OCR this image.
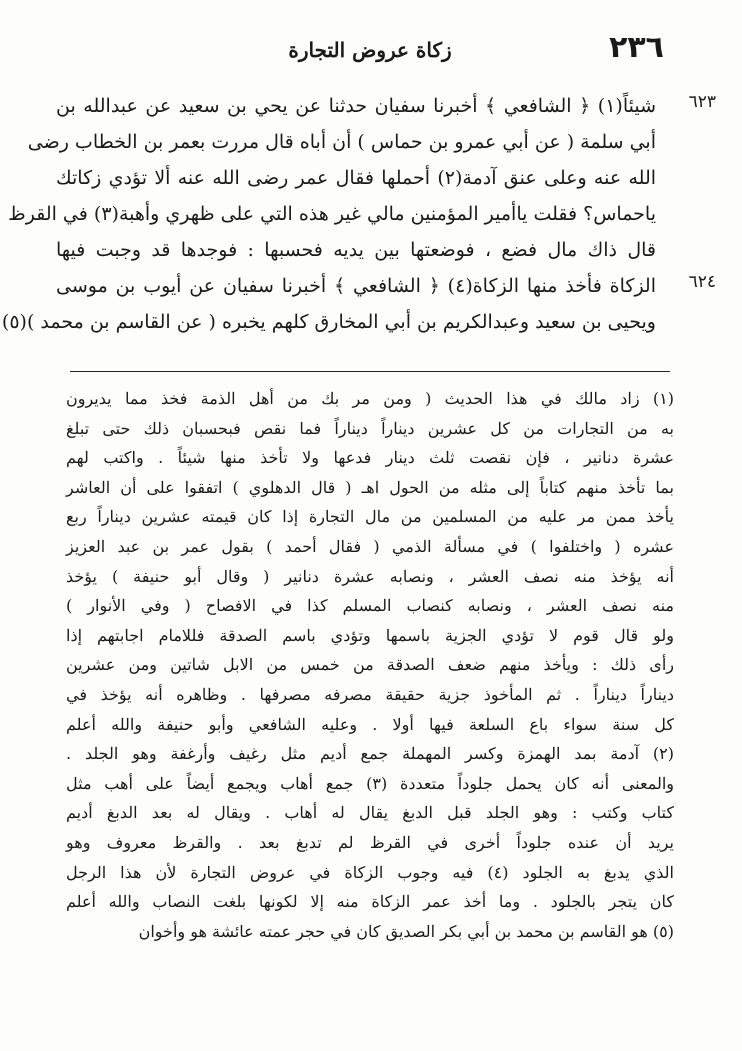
٢٣٦
زكاة عروض التجارة
٦٢٣
٦٢٤
شيئاً(١) ﴿ الشافعي ﴾ أخبرنا سفيان حدثنا عن يحي بن سعيد عن عبدالله بن
أبي سلمة ( عن أبي عمرو بن حماس ) أن أباه قال مررت بعمر بن الخطاب رضى
الله عنه وعلى عنق آدمة(٢) أحملها فقال عمر رضى الله عنه ألا تؤدي زكاتك
ياحماس؟ فقلت ياأمير المؤمنين مالي غير هذه التي على ظهري وأهبة(٣) في القرظ
قال ذاك مال فضع ، فوضعتها بين يديه فحسبها : فوجدها قد وجبت فيها
الزكاة فأخذ منها الزكاة(٤) ﴿ الشافعي ﴾ أخبرنا سفيان عن أيوب بن موسى
ويحيى بن سعيد وعبدالكريم بن أبي المخارق كلهم يخبره ( عن القاسم بن محمد )(٥)
(١) زاد مالك في هذا الحديث ( ومن مر بك من أهل الذمة فخذ مما يديرون
به من التجارات من كل عشرين ديناراً ديناراً فما نقص فبحسبان ذلك حتى تبلغ
عشرة دنانير ، فإن نقصت ثلث دينار فدعها ولا تأخذ منها شيئاً . واكتب لهم
بما تأخذ منهم كتاباً إلى مثله من الحول اهـ ( قال الدهلوي ) اتفقوا على أن العاشر
يأخذ ممن مر عليه من المسلمين من مال التجارة إذا كان قيمته عشرين ديناراً ربع
عشره ( واختلفوا ) في مسألة الذمي ( فقال أحمد ) بقول عمر بن عبد العزيز
أنه يؤخذ منه نصف العشر ، ونصابه عشرة دنانير ( وقال أبو حنيفة ) يؤخذ
منه نصف العشر ، ونصابه كنصاب المسلم كذا في الافصاح ( وفي الأنوار )
ولو قال قوم لا تؤدي الجزية باسمها وتؤدي باسم الصدقة فللامام اجابتهم إذا
رأى ذلك : ويأخذ منهم ضعف الصدقة من خمس من الابل شاتين ومن عشرين
ديناراً ديناراً . ثم المأخوذ جزية حقيقة مصرفه مصرفها . وظاهره أنه يؤخذ في
كل سنة سواء باع السلعة فيها أولا . وعليه الشافعي وأبو حنيفة والله أعلم
(٢) آدمة بمد الهمزة وكسر المهملة جمع أديم مثل رغيف وأرغفة وهو الجلد .
والمعنى أنه كان يحمل جلوداً متعددة (٣) جمع أهاب ويجمع أيضاً على أهب مثل
كتاب وكتب : وهو الجلد قبل الدبغ يقال له أهاب . ويقال له بعد الدبغ أديم
يريد أن عنده جلوداً أخرى في القرظ لم تدبغ بعد . والقرظ معروف وهو
الذي يدبغ به الجلود (٤) فيه وجوب الزكاة في عروض التجارة لأن هذا الرجل
كان يتجر بالجلود . وما أخذ عمر الزكاة منه إلا لكونها بلغت النصاب والله أعلم
(٥) هو القاسم بن محمد بن أبي بكر الصديق كان في حجر عمته عائشة هو وأخوان
